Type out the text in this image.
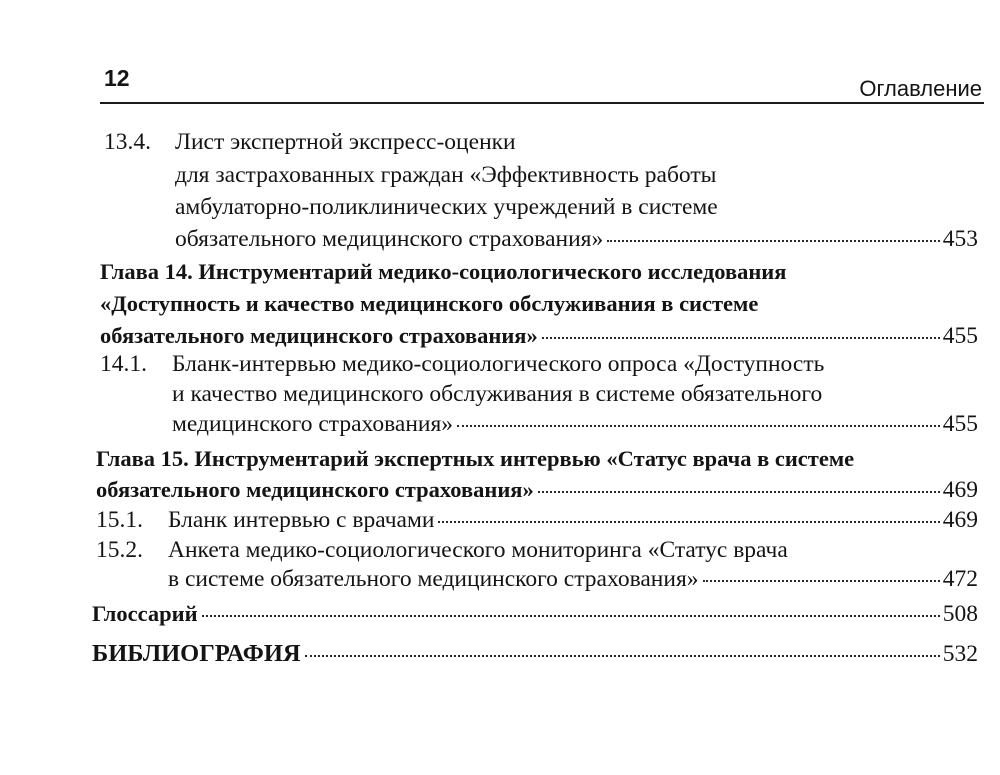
12	Оглавление
13.4. Лист экспертной экспресс-оценки
для застрахованных граждан «Эффективность работы
амбулаторно-поликлинических учреждений в системе
обязательного медицинского страхования»	453
Глава 14. Инструментарий медико-социологического исследования
«Доступность и качество медицинского обслуживания в системе
обязательного медицинского страхования»	455
14.1. Бланк-интервью медико-социологического опроса «Доступность
и качество медицинского обслуживания в системе обязательного
медицинского страхования»	455
Глава 15. Инструментарий экспертных интервью «Статус врача в системе
обязательного медицинского страхования»	469
15.1.	Бланк интервью с врачами	469
15.2. Анкета медико-социологического мониторинга «Статус врача
в системе обязательного медицинского страхования»	472
Глоссарий	508
БИБЛИОГРАФИЯ	532
